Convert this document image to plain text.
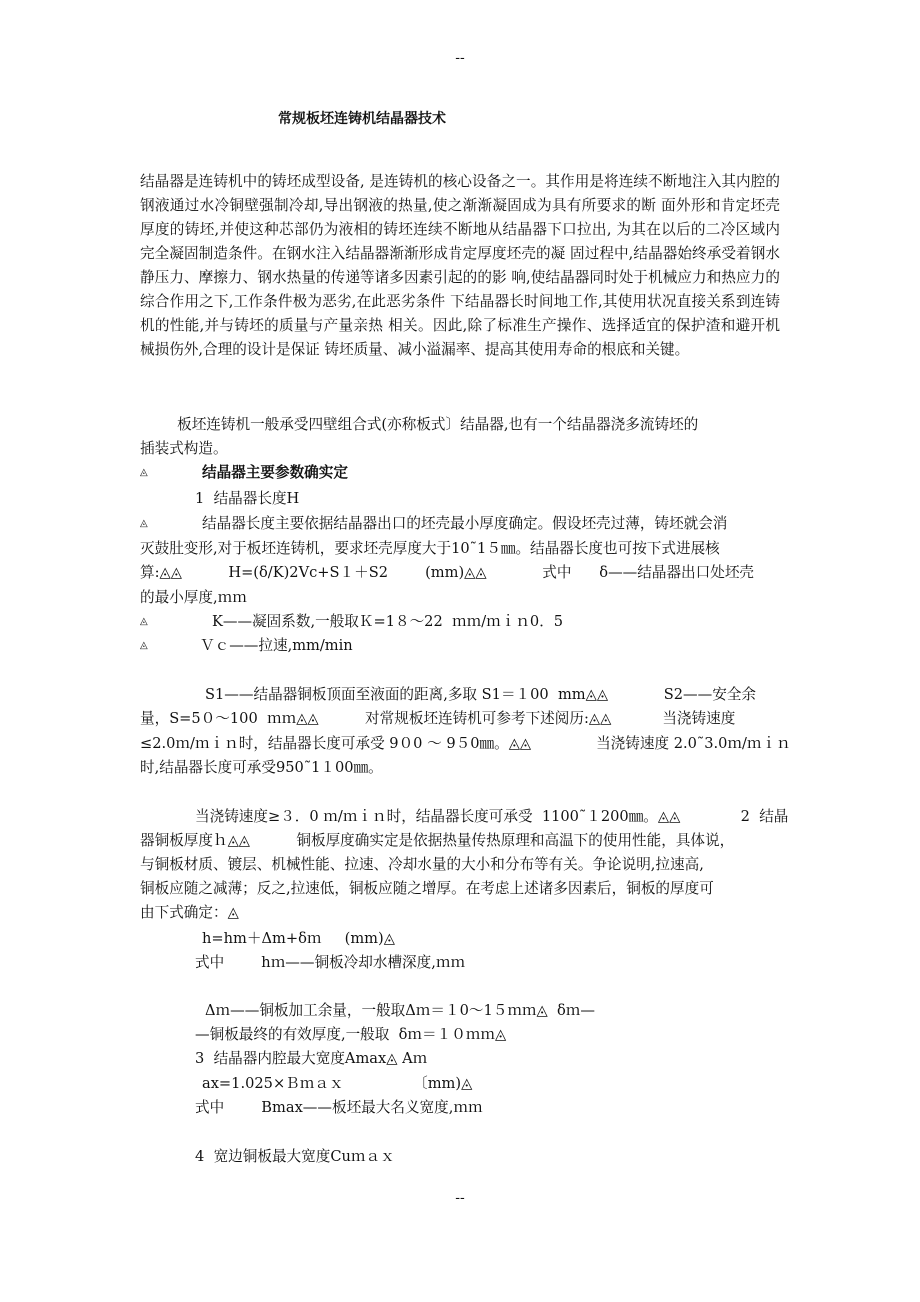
--
常规板坯连铸机结晶器技术
结晶器是连铸机中的铸坯成型设备, 是连铸机的核心设备之一。其作用是将连续不断地注入其内腔的钢液通过水冷铜壁强制冷却,导出钢液的热量,使之渐渐凝固成为具有所要求的断 面外形和肯定坯壳厚度的铸坯,并使这种芯部仍为液相的铸坯连续不断地从结晶器下口拉出, 为其在以后的二冷区域内完全凝固制造条件。在钢水注入结晶器渐渐形成肯定厚度坯壳的凝 固过程中,结晶器始终承受着钢水静压力、摩擦力、钢水热量的传递等诸多因素引起的的影 响,使结晶器同时处于机械应力和热应力的综合作用之下,工作条件极为恶劣,在此恶劣条件 下结晶器长时间地工作,其使用状况直接关系到连铸机的性能,并与铸坯的质量与产量亲热 相关。因此,除了标准生产操作、选择适宜的保护渣和避开机械损伤外,合理的设计是保证 铸坯质量、减小溢漏率、提高其使用寿命的根底和关键。
板坯连铸机一般承受四壁组合式(亦称板式〕结晶器,也有一个结晶器浇多流铸坯的
插装式构造。
◬	结晶器主要参数确实定
1  结晶器长度H
◬	结晶器长度主要依据结晶器出口的坯壳最小厚度确定。假设坯壳过薄，铸坯就会消
灭鼓肚变形,对于板坯连铸机，要求坯壳厚度大于10˜1５㎜。结晶器长度也可按下式进展核
算:◬◬          H=(δ/K)2Vc+S１＋S2        (mm)◬◬            式中      δ——结晶器出口处坯壳
的最小厚度,ｍｍ
◬	K——凝固系数,一般取Ｋ=1８～22  ｍｍ/ｍｉｎ0．5
◬	Ｖｃ——拉速,mm/min
S1——结晶器铜板顶面至液面的距离,多取 S1＝１00  mm◬◬            S2——安全余
量，S=5０～100  ｍｍ◬◬          对常规板坯连铸机可参考下述阅历:◬◬           当浇铸速度
≤2.0ｍ/ｍｉｎ时，结晶器长度可承受 9０0 ～ 9５0㎜。◬◬              当浇铸速度 2.0˜3.0ｍ/ｍｉｎ
时,结晶器长度可承受950˜1１00㎜。
当浇铸速度≥３．0 ｍ/ｍｉｎ时，结晶器长度可承受  1100˜１200㎜。◬◬             2  结晶
器铜板厚度ｈ◬◬          铜板厚度确实定是依据热量传热原理和高温下的使用性能，具体说，
与铜板材质、镀层、机械性能、拉速、冷却水量的大小和分布等有关。争论说明,拉速高,
铜板应随之减薄；反之,拉速低，铜板应随之增厚。在考虑上述诸多因素后，铜板的厚度可
由下式确定：◬
h=hm＋Δm+δｍ     (mm)◬
式中        hｍ——铜板冷却水槽深度,ｍｍ
Δｍ——铜板加工余量，一般取Δｍ＝１0～1５ｍｍ◬  δｍ—
—铜板最终的有效厚度,一般取  δｍ＝１０ｍｍ◬
3  结晶器内腔最大宽度Amax◬ Aｍ
ax=1.025×Ｂｍａｘ               〔mm)◬
式中        Bmax——板坯最大名义宽度,ｍｍ
4  宽边铜板最大宽度Cuｍａｘ
--
